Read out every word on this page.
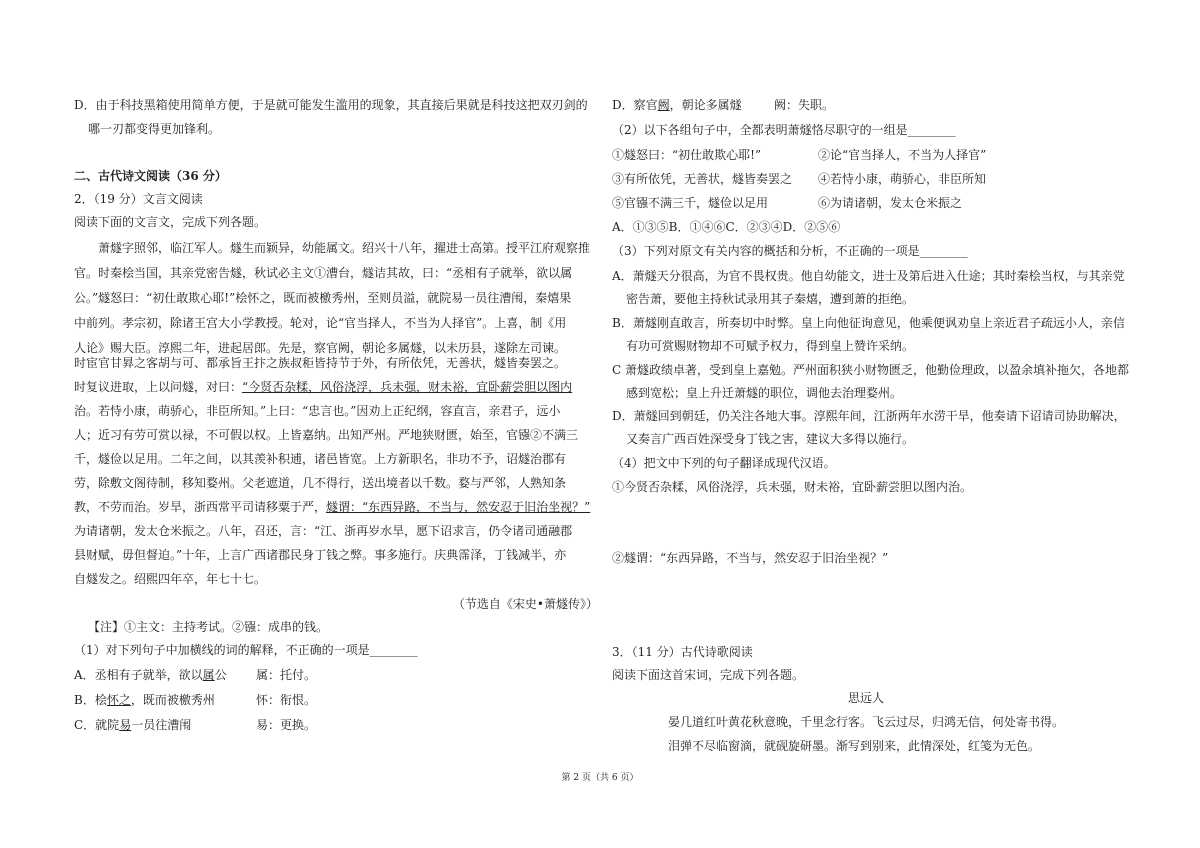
D．由于科技黑箱使用简单方便，于是就可能发生滥用的现象，其直接后果就是科技这把双刃剑的
哪一刃都变得更加锋利。
二、古代诗文阅读（36 分）
2．（19 分）文言文阅读
阅读下面的文言文，完成下列各题。
萧燧字照邻，临江军人。燧生而颖异，幼能属文。绍兴十八年，擢进士高第。授平江府观察推
官。时秦桧当国，其亲党密告燧，秋试必主文①漕台，燧诘其故，曰：“丞相有子就举，欲以属
公。”燧怒曰：“初仕敢欺心耶!”桧怀之，既而被檄秀州，至则员溢，就院易一员往漕闱，秦熺果
中前列。孝宗初，除诸王宫大小学教授。轮对，论“官当择人，不当为人择官”。上喜，制《用
人论》赐大臣。淳熙二年，进起居郎。先是，察官阙，朝论多属燧，以未历县，遂除左司谏。
时宦官甘昪之客胡与可、都承旨王抃之族叔秬皆持节于外，有所依凭，无善状，燧皆奏罢之。
时复议进取，上以问燧，对曰：“今贤否杂糅，风俗浇浮，兵未强，财未裕，宜卧薪尝胆以图内
治。若恃小康，萌骄心，非臣所知。”上曰：“忠言也。”因劝上正纪纲，容直言，亲君子，远小
人；近习有劳可赏以禄，不可假以权。上皆嘉纳。出知严州。严地狭财匮，始至，官镪②不满三
千，燧俭以足用。二年之间，以其羡补积逋，诸邑皆宽。上方新职名，非功不予，诏燧治郡有
劳，除敷文阁待制，移知婺州。父老遮道，几不得行，送出境者以千数。婺与严邻，人熟知条
教，不劳而治。岁旱，浙西常平司请移粟于严，燧谓：“东西异路，不当与，然安忍于旧治坐视？”
为请诸朝，发太仓米振之。八年，召还，言：“江、浙再岁水旱，愿下诏求言，仍令诸司通融郡
县财赋，毋但督迫。”十年，上言广西诸郡民身丁钱之弊。事多施行。庆典霈泽，丁钱减半，亦
自燧发之。绍熙四年卒，年七十七。
（节选自《宋史•萧燧传》）
【注】①主文：主持考试。②镪：成串的钱。
（1）对下列句子中加横线的词的解释，不正确的一项是________
A．丞相有子就举，欲以属公 属：托付。
B．桧怀之，既而被檄秀州	怀：衔恨。
C．就院易一员往漕闱	易：更换。
D．察官阙，朝论多属燧	阙：失职。
（2）以下各组句子中，全都表明萧燧恪尽职守的一组是________
①燧怒曰：“初仕敢欺心耶!”	②论“官当择人，不当为人择官”
③有所依凭，无善状，燧皆奏罢之 ④若恃小康，萌骄心，非臣所知
⑤官镪不满三千，燧俭以足用	⑥为请诸朝，发太仓米振之
A．①③⑤B．①④⑥C．②③④D．②⑤⑥
（3）下列对原文有关内容的概括和分析，不正确的一项是________
A．萧燧天分很高，为官不畏权贵。他自幼能文，进士及第后进入仕途；其时秦桧当权，与其亲党
密告萧，要他主持秋试录用其子秦熺，遭到萧的拒绝。
B．萧燧刚直敢言，所奏切中时弊。皇上向他征询意见，他乘便讽劝皇上亲近君子疏远小人，亲信
有功可赏赐财物却不可赋予权力，得到皇上赞许采纳。
C 萧燧政绩卓著，受到皇上嘉勉。严州面积狭小财物匮乏，他勤俭理政，以盈余填补拖欠，各地都
感到宽松；皇上升迁萧燧的职位，调他去治理婺州。
D．萧燧回到朝廷，仍关注各地大事。淳熙年间，江浙两年水涝干旱，他奏请下诏请司协助解决，
又奏言广西百姓深受身丁钱之害，建议大多得以施行。
（4）把文中下列的句子翻译成现代汉语。
①今贤否杂糅，风俗浇浮，兵未强，财未裕，宜卧薪尝胆以图内治。
②燧谓：“东西异路，不当与，然安忍于旧治坐视？”
3．（11 分）古代诗歌阅读
阅读下面这首宋词，完成下列各题。
思远人
晏几道红叶黄花秋意晚，千里念行客。飞云过尽，归鸿无信，何处寄书得。
泪弹不尽临窗滴，就砚旋研墨。渐写到别来，此情深处，红笺为无色。
第 2 页（共 6 页）
